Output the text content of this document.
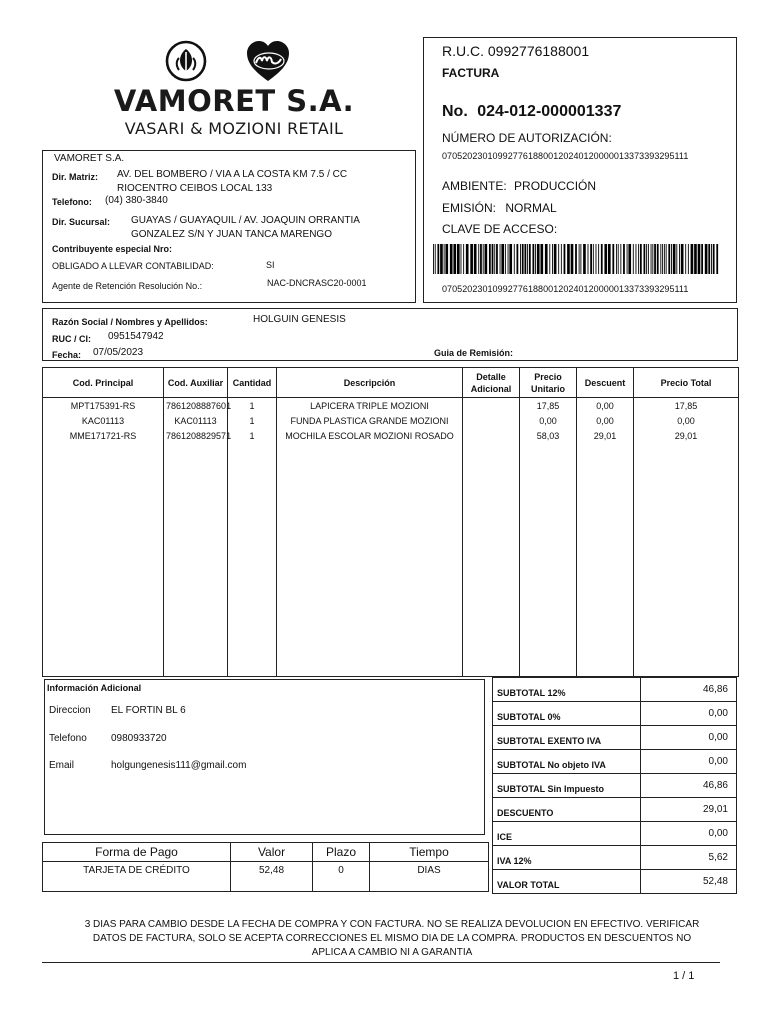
VAMORET S.A.
VASARI & MOZIONI RETAIL
R.U.C. 0992776188001
FACTURA
No. 024-012-000001337
NÚMERO DE AUTORIZACIÓN:
0705202301099277618800120240120000013373393295111
AMBIENTE: PRODUCCIÓN
EMISIÓN: NORMAL
CLAVE DE ACCESO:
0705202301099277618800120240120000013373393295111
VAMORET S.A.
Dir. Matriz: AV. DEL BOMBERO / VIA A LA COSTA KM 7.5 / CC
RIOCENTRO CEIBOS LOCAL 133
Telefono: (04) 380-3840
Dir. Sucursal: GUAYAS / GUAYAQUIL / AV. JOAQUIN ORRANTIA
GONZALEZ S/N Y JUAN TANCA MARENGO
Contribuyente especial Nro:
OBLIGADO A LLEVAR CONTABILIDAD:	SI
Agente de Retención Resolución No.:	NAC-DNCRASC20-0001
Razón Social / Nombres y Apellidos:	HOLGUIN GENESIS
RUC / CI: 0951547942
Fecha: 07/05/2023	Guia de Remisión:
Cod. Principal	Cod. Auxiliar	Cantidad	Descripción	Detalle Adicional	Precio Unitario	Descuent	Precio Total
MPT175391-RS	7861208887601	1	LAPICERA TRIPLE MOZIONI		17,85	0,00	17,85
KAC01113	KAC01113	1	FUNDA PLASTICA GRANDE MOZIONI		0,00	0,00	0,00
MME171721-RS	7861208829571	1	MOCHILA ESCOLAR MOZIONI ROSADO		58,03	29,01	29,01

Información Adicional
Direccion EL FORTIN BL 6
Telefono 0980933720
Email	holgungenesis111@gmail.com
Forma de Pago	Valor	Plazo	Tiempo
TARJETA DE CRÉDITO	52,48	0	DIAS
SUBTOTAL 12%	46,86
SUBTOTAL 0%	0,00
SUBTOTAL EXENTO IVA	0,00
SUBTOTAL No objeto IVA	0,00
SUBTOTAL Sin Impuesto	46,86
DESCUENTO	29,01
ICE	0,00
IVA 12%	5,62
VALOR TOTAL	52,48
3 DIAS PARA CAMBIO DESDE LA FECHA DE COMPRA Y CON FACTURA. NO SE REALIZA DEVOLUCION EN EFECTIVO. VERIFICAR
DATOS DE FACTURA, SOLO SE ACEPTA CORRECCIONES EL MISMO DIA DE LA COMPRA. PRODUCTOS EN DESCUENTOS NO
APLICA A CAMBIO NI A GARANTIA
1 / 1
